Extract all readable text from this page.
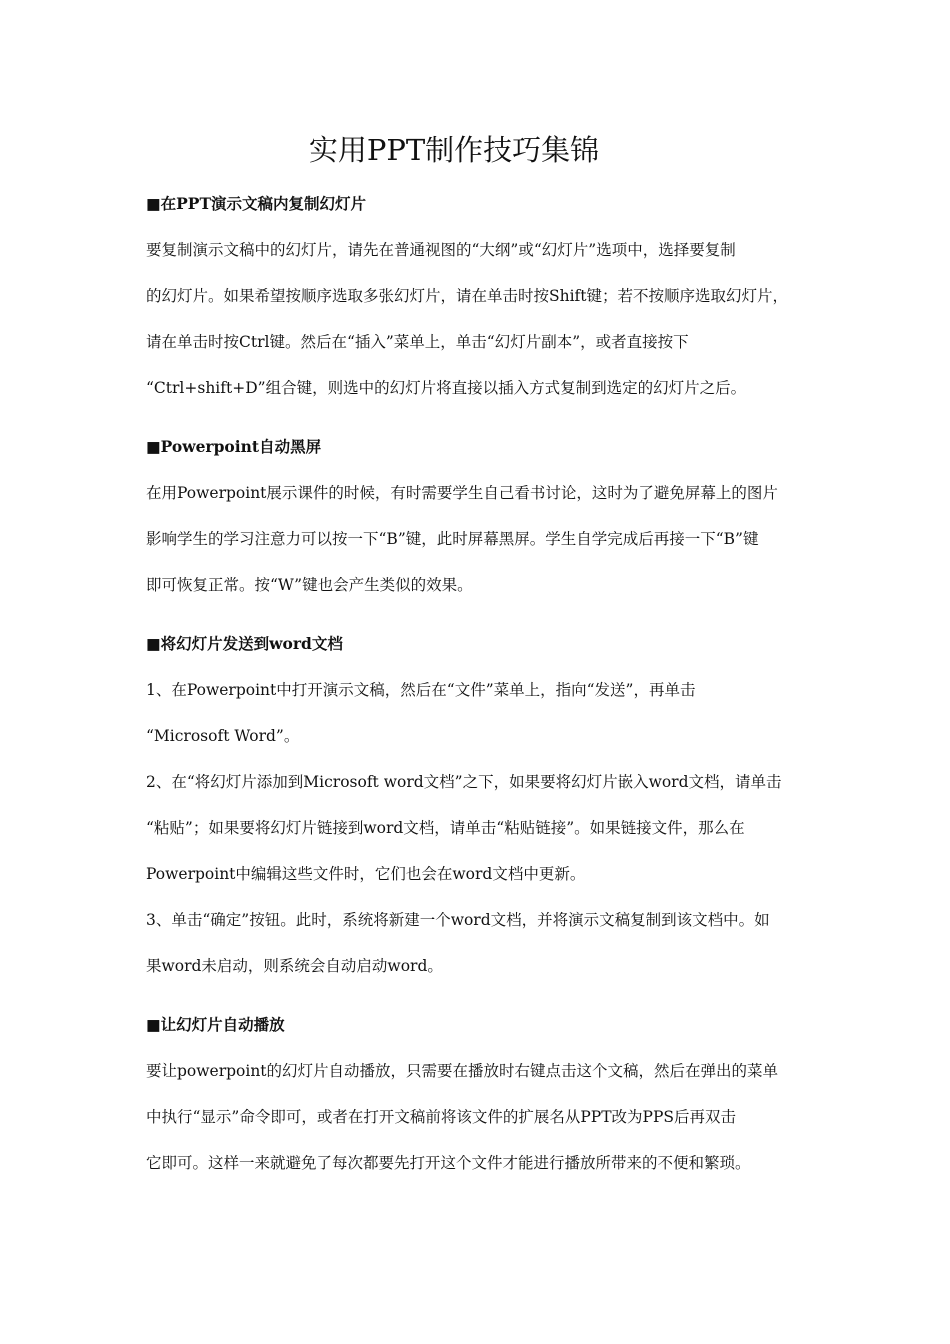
实用PPT制作技巧集锦
■在PPT演示文稿内复制幻灯片
要复制演示文稿中的幻灯片，请先在普通视图的“大纲”或“幻灯片”选项中，选择要复制
的幻灯片。如果希望按顺序选取多张幻灯片，请在单击时按Shift键；若不按顺序选取幻灯片，
请在单击时按Ctrl键。然后在“插入”菜单上，单击“幻灯片副本”，或者直接按下
“Ctrl+shift+D”组合键，则选中的幻灯片将直接以插入方式复制到选定的幻灯片之后。
■Powerpoint自动黑屏
在用Powerpoint展示课件的时候，有时需要学生自己看书讨论，这时为了避免屏幕上的图片
影响学生的学习注意力可以按一下“B”键，此时屏幕黑屏。学生自学完成后再接一下“B”键
即可恢复正常。按“W”键也会产生类似的效果。
■将幻灯片发送到word文档
1、在Powerpoint中打开演示文稿，然后在“文件”菜单上，指向“发送”，再单击
“Microsoft Word”。
2、在“将幻灯片添加到Microsoft word文档”之下，如果要将幻灯片嵌入word文档，请单击
“粘贴”；如果要将幻灯片链接到word文档，请单击“粘贴链接”。如果链接文件，那么在
Powerpoint中编辑这些文件时，它们也会在word文档中更新。
3、单击“确定”按钮。此时，系统将新建一个word文档，并将演示文稿复制到该文档中。如
果word未启动，则系统会自动启动word。
■让幻灯片自动播放
要让powerpoint的幻灯片自动播放，只需要在播放时右键点击这个文稿，然后在弹出的菜单
中执行“显示”命令即可，或者在打开文稿前将该文件的扩展名从PPT改为PPS后再双击
它即可。这样一来就避免了每次都要先打开这个文件才能进行播放所带来的不便和繁琐。
